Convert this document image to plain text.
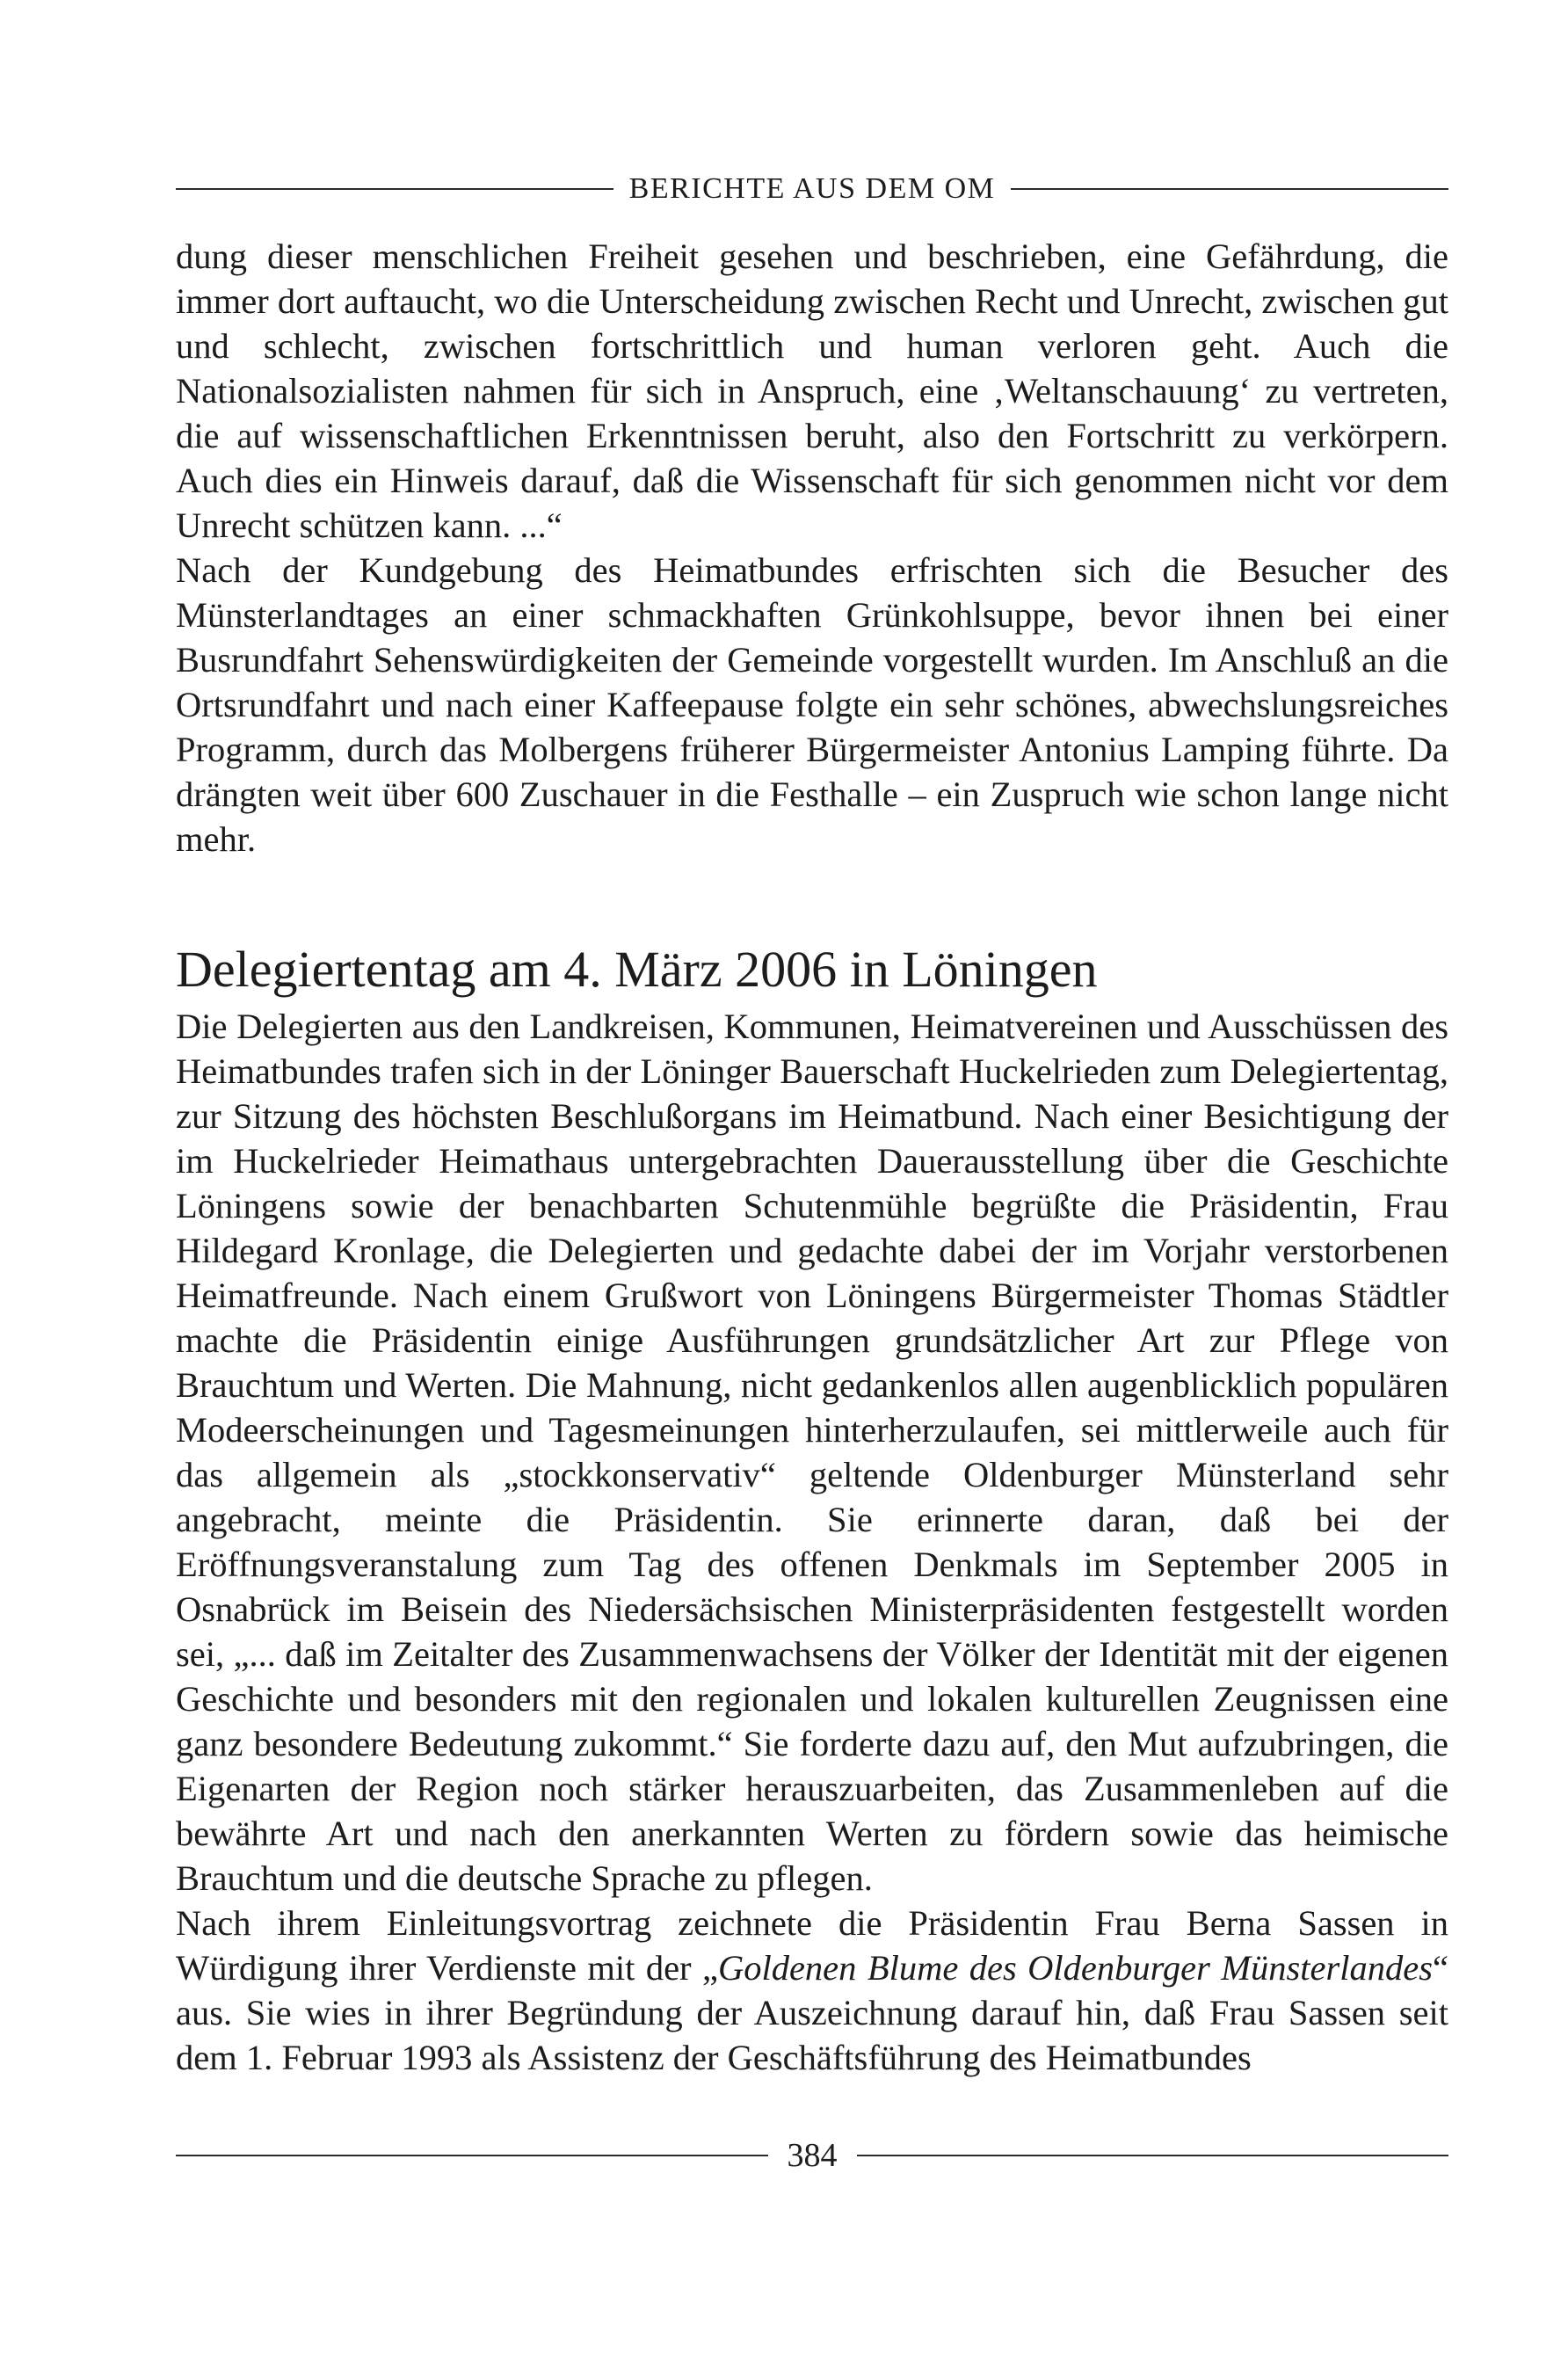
BERICHTE AUS DEM OM

dung dieser menschlichen Freiheit gesehen und beschrieben, eine Gefährdung, die immer dort auftaucht, wo die Unterscheidung zwischen Recht und Unrecht, zwischen gut und schlecht, zwischen fortschrittlich und human verloren geht. Auch die Nationalsozialisten nahmen für sich in Anspruch, eine ‚Weltanschauung‘ zu vertreten, die auf wissenschaftlichen Erkenntnissen beruht, also den Fortschritt zu verkörpern. Auch dies ein Hinweis darauf, daß die Wissenschaft für sich genommen nicht vor dem Unrecht schützen kann. ...“

Nach der Kundgebung des Heimatbundes erfrischten sich die Besucher des Münsterlandtages an einer schmackhaften Grünkohlsuppe, bevor ihnen bei einer Busrundfahrt Sehenswürdigkeiten der Gemeinde vorgestellt wurden. Im Anschluß an die Ortsrundfahrt und nach einer Kaffeepause folgte ein sehr schönes, abwechslungsreiches Programm, durch das Molbergens früherer Bürgermeister Antonius Lamping führte. Da drängten weit über 600 Zuschauer in die Festhalle – ein Zuspruch wie schon lange nicht mehr.

Delegiertentag am 4. März 2006 in Löningen

Die Delegierten aus den Landkreisen, Kommunen, Heimatvereinen und Ausschüssen des Heimatbundes trafen sich in der Löninger Bauerschaft Huckelrieden zum Delegiertentag, zur Sitzung des höchsten Beschlußorgans im Heimatbund. Nach einer Besichtigung der im Huckelrieder Heimathaus untergebrachten Dauerausstellung über die Geschichte Löningens sowie der benachbarten Schutenmühle begrüßte die Präsidentin, Frau Hildegard Kronlage, die Delegierten und gedachte dabei der im Vorjahr verstorbenen Heimatfreunde. Nach einem Grußwort von Löningens Bürgermeister Thomas Städtler machte die Präsidentin einige Ausführungen grundsätzlicher Art zur Pflege von Brauchtum und Werten. Die Mahnung, nicht gedankenlos allen augenblicklich populären Modeerscheinungen und Tagesmeinungen hinterherzulaufen, sei mittlerweile auch für das allgemein als „stockkonservativ“ geltende Oldenburger Münsterland sehr angebracht, meinte die Präsidentin. Sie erinnerte daran, daß bei der Eröffnungsveranstalung zum Tag des offenen Denkmals im September 2005 in Osnabrück im Beisein des Niedersächsischen Ministerpräsidenten festgestellt worden sei, „... daß im Zeitalter des Zusammenwachsens der Völker der Identität mit der eigenen Geschichte und besonders mit den regionalen und lokalen kulturellen Zeugnissen eine ganz besondere Bedeutung zukommt.“ Sie forderte dazu auf, den Mut aufzubringen, die Eigenarten der Region noch stärker herauszuarbeiten, das Zusammenleben auf die bewährte Art und nach den anerkannten Werten zu fördern sowie das heimische Brauchtum und die deutsche Sprache zu pflegen.

Nach ihrem Einleitungsvortrag zeichnete die Präsidentin Frau Berna Sassen in Würdigung ihrer Verdienste mit der „Goldenen Blume des Oldenburger Münsterlandes“ aus. Sie wies in ihrer Begründung der Auszeichnung darauf hin, daß Frau Sassen seit dem 1. Februar 1993 als Assistenz der Geschäftsführung des Heimatbundes

384
